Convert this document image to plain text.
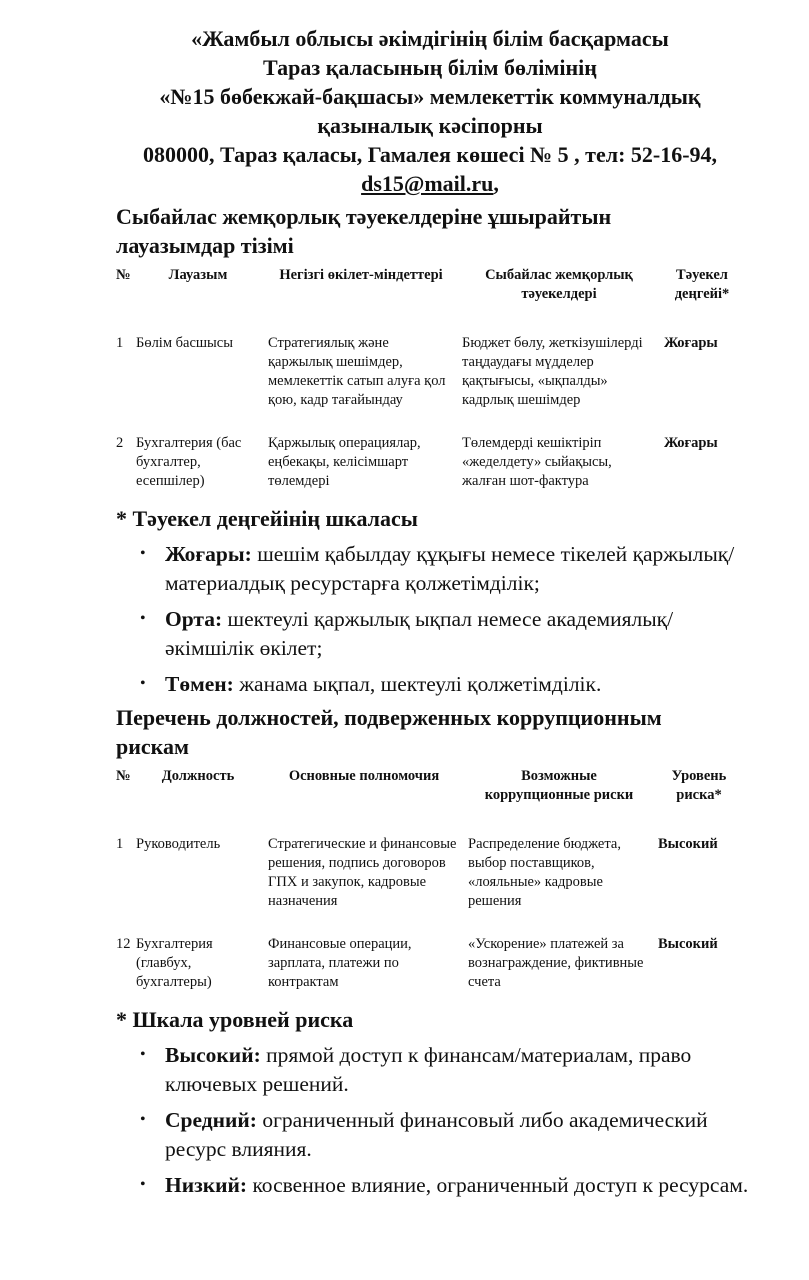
«Жамбыл облысы әкімдігінің білім басқармасы
Тараз қаласының білім бөлімінің
«№15 бөбекжай-бақшасы» мемлекеттік коммуналдық
қазыналық кәсіпорны
080000, Тараз қаласы, Гамалея көшесі № 5 , тел: 52-16-94, ds15@mail.ru,
Сыбайлас жемқорлық тәуекелдеріне ұшырайтын лауазымдар тізімі
№	Лауазым	Негізгі өкілет-міндеттері	Сыбайлас жемқорлық тәуекелдері	Тәуекел деңгейі*
1	Бөлім басшысы	Стратегиялық және қаржылық шешімдер, мемлекеттік сатып алуға қол қою, кадр тағайындау	Бюджет бөлу, жеткізушілерді таңдаудағы мүдделер қақтығысы, «ықпалды» кадрлық шешімдер	Жоғары
2	Бухгалтерия (бас бухгалтер, есепшілер)	Қаржылық операциялар, еңбекақы, келісімшарт төлемдері	Төлемдерді кешіктіріп «жеделдету» сыйақысы, жалған шот-фактура	Жоғары
* Тәуекел деңгейінің шкаласы
• Жоғары: шешім қабылдау құқығы немесе тікелей қаржылық/материалдық ресурстарға қолжетімділік;
• Орта: шектеулі қаржылық ықпал немесе академиялық/ әкімшілік өкілет;
• Төмен: жанама ықпал, шектеулі қолжетімділік.
Перечень должностей, подверженных коррупционным рискам
№	Должность	Основные полномочия	Возможные коррупционные риски	Уровень риска*
1	Руководитель	Стратегические и финансовые решения, подпись договоров ГПХ и закупок, кадровые назначения	Распределение бюджета, выбор поставщиков, «лояльные» кадровые решения	Высокий
12	Бухгалтерия (главбух, бухгалтеры)	Финансовые операции, зарплата, платежи по контрактам	«Ускорение» платежей за вознаграждение, фиктивные счета	Высокий
* Шкала уровней риска
• Высокий: прямой доступ к финансам/материалам, право ключевых решений.
• Средний: ограниченный финансовый либо академический ресурс влияния.
• Низкий: косвенное влияние, ограниченный доступ к ресурсам.
